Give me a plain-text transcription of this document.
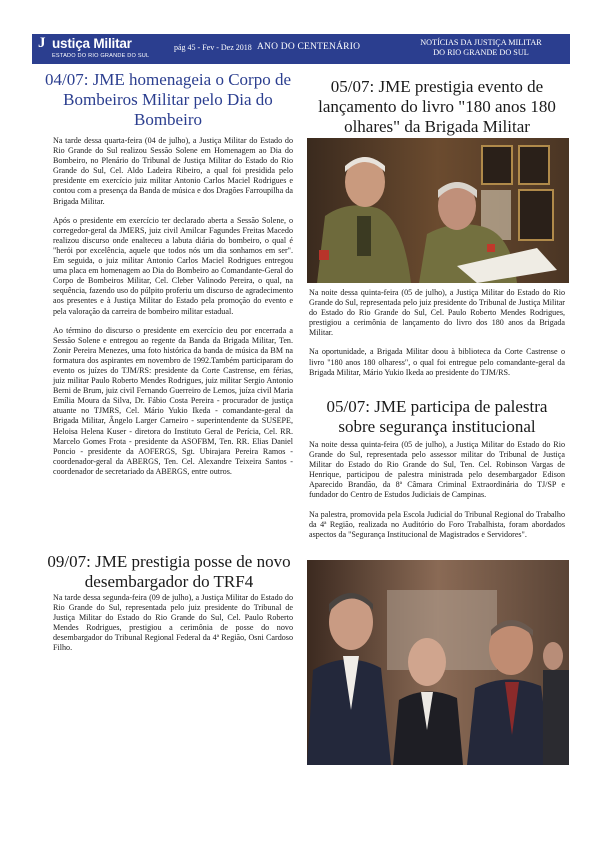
J ustiça Militar
ESTADO DO RIO GRANDE DO SUL
pág 45 - Fev - Dez 2018 ANO DO CENTENÁRIO	NOTÍCIAS DA JUSTIÇA MILITAR
DO RIO GRANDE DO SUL
04/07: JME homenageia o Corpo de Bombeiros Militar pelo Dia do Bombeiro

Na tarde dessa quarta-feira (04 de julho), a Justiça Militar do Estado do Rio Grande do Sul realizou Sessão Solene em Homenagem ao Dia do Bombeiro, no Plenário do Tribunal de Justiça Militar do Estado do Rio Grande do Sul, Cel. Aldo Ladeira Ribeiro, a qual foi presidida pelo presidente em exercício juiz militar Antonio Carlos Maciel Rodrigues e contou com a presença da Banda de música e dos Dragões Farroupilha da Brigada Militar.

Após o presidente em exercício ter declarado aberta a Sessão Solene, o corregedor-geral da JMERS, juiz civil Amilcar Fagundes Freitas Macedo realizou discurso onde enalteceu a labuta diária do bombeiro, o qual é "herói por excelência, aquele que todos nós um dia sonhamos em ser". Em seguida, o juiz militar Antonio Carlos Maciel Rodrigues entregou uma placa em homenagem ao Dia do Bombeiro ao Comandante-Geral do Corpo de Bombeiros Militar, Cel. Cleber Valinodo Pereira, o qual, na sequência, fazendo uso do púlpito proferiu um discurso de agradecimento aos presentes e à Justiça Militar do Estado pela promoção do evento e pela valoração da carreira de bombeiro militar estadual.

Ao término do discurso o presidente em exercício deu por encerrada a Sessão Solene e entregou ao regente da Banda da Brigada Militar, Ten. Zonir Pereira Menezes, uma foto histórica da banda de música da BM na formatura dos aspirantes em novembro de 1992.Também participaram do evento os juízes do TJM/RS: presidente da Corte Castrense, em férias, juiz militar Paulo Roberto Mendes Rodrigues, juiz militar Sergio Antonio Berni de Brum, juiz civil Fernando Guerreiro de Lemos, juíza civil Maria Emília Moura da Silva, Dr. Fábio Costa Pereira - procurador de justiça atuante no TJMRS, Cel. Mário Yukio Ikeda - comandante-geral da Brigada Militar, Ângelo Larger Carneiro - superintendente da SUSEPE, Heloisa Helena Kuser - diretora do Instituto Geral de Perícia, Cel. RR. Marcelo Gomes Frota - presidente da ASOFBM, Ten. RR. Elias Daniel Poncio - presidente da AOFERGS, Sgt. Ubirajara Pereira Ramos - coordenador-geral da ABERGS, Ten. Cel. Alexandre Teixeira Santos - coordenador de secretariado da ABERGS, entre outros.

09/07: JME prestigia posse de novo desembargador do TRF4

Na tarde dessa segunda-feira (09 de julho), a Justiça Militar do Estado do Rio Grande do Sul, representada pelo juiz presidente do Tribunal de Justiça Militar do Estado do Rio Grande do Sul, Cel. Paulo Roberto Mendes Rodrigues, prestigiou a cerimônia de posse do novo desembargador do Tribunal Regional Federal da 4ª Região, Osni Cardoso Filho.

05/07: JME prestigia evento de lançamento do livro "180 anos 180 olhares" da Brigada Militar

Na noite dessa quinta-feira (05 de julho), a Justiça Militar do Estado do Rio Grande do Sul, representada pelo juiz presidente do Tribunal de Justiça Militar do Estado do Rio Grande do Sul, Cel. Paulo Roberto Mendes Rodrigues, prestigiou a cerimônia de lançamento do livro dos 180 anos da Brigada Militar.

Na oportunidade, a Brigada Militar doou à biblioteca da Corte Castrense o livro "180 anos 180 olharess", o qual foi entregue pelo comandante-geral da Brigada Militar, Mário Yukio Ikeda ao presidente do TJM/RS.

05/07: JME participa de palestra sobre segurança institucional

Na noite dessa quinta-feira (05 de julho), a Justiça Militar do Estado do Rio Grande do Sul, representada pelo assessor militar do Tribunal de Justiça Militar do Estado do Rio Grande do Sul, Ten. Cel. Robinson Vargas de Henrique, participou de palestra ministrada pelo desembargador Edison Aparecido Brandão, da 8ª Câmara Criminal Extraordinária do TJ/SP e fundador do Centro de Estudos Judiciais de Campinas.

Na palestra, promovida pela Escola Judicial do Tribunal Regional do Trabalho da 4ª Região, realizada no Auditório do Foro Trabalhista, foram abordados aspectos da "Segurança Institucional de Magistrados e Servidores".
